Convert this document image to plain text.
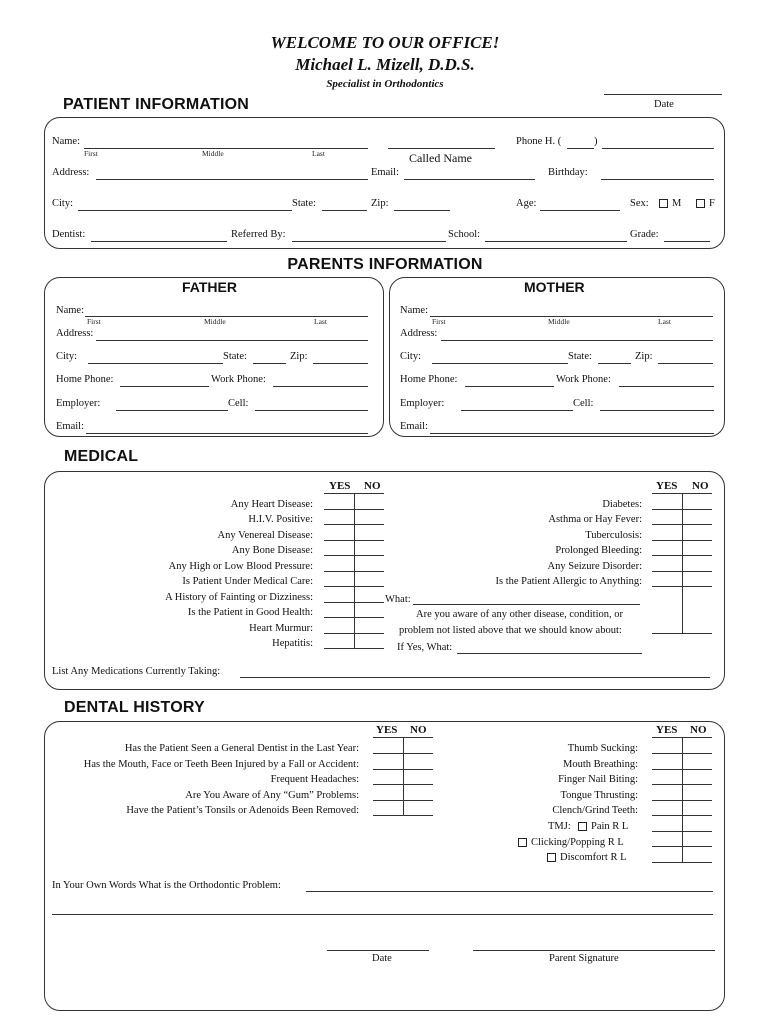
WELCOME TO OUR OFFICE!
Michael L. Mizell, D.D.S.
Specialist in Orthodontics
Date
PATIENT INFORMATION
Name:
First	Middle	Last	Called Name
Phone H. (	)
Address:	Email:	Birthday:
City:	State:	Zip:	Age:	Sex: M	F
Dentist:	Referred By:	School:	Grade:
PARENTS INFORMATION
FATHER	MOTHER
Name:
First	Middle	Last
Address:
City:	State:	Zip:
Home Phone:	Work Phone:
Employer:	Cell:
Email:
Name:
First	Middle	Last
Address:
City:	State:	Zip:
Home Phone:	Work Phone:
Employer:	Cell:
Email:
MEDICAL
YES NO	YES NO
Any Heart Disease:
H.I.V. Positive:
Any Venereal Disease:
Any Bone Disease:
Any High or Low Blood Pressure:
Is Patient Under Medical Care:
A History of Fainting or Dizziness:
Is the Patient in Good Health:
Heart Murmur:
Hepatitis:
Diabetes:
Asthma or Hay Fever:
Tuberculosis:
Prolonged Bleeding:
Any Seizure Disorder:
Is the Patient Allergic to Anything:
What:
Are you aware of any other disease, condition, or
problem not listed above that we should know about:
If Yes, What:
List Any Medications Currently Taking:
DENTAL HISTORY
YES NO	YES NO
Has the Patient Seen a General Dentist in the Last Year:
Has the Mouth, Face or Teeth Been Injured by a Fall or Accident:
Frequent Headaches:
Are You Aware of Any “Gum” Problems:
Have the Patient’s Tonsils or Adenoids Been Removed:
Thumb Sucking:
Mouth Breathing:
Finger Nail Biting:
Tongue Thrusting:
Clench/Grind Teeth:
TMJ: Pain R L
Clicking/Popping R L
Discomfort R L
In Your Own Words What is the Orthodontic Problem:
Date	Parent Signature
